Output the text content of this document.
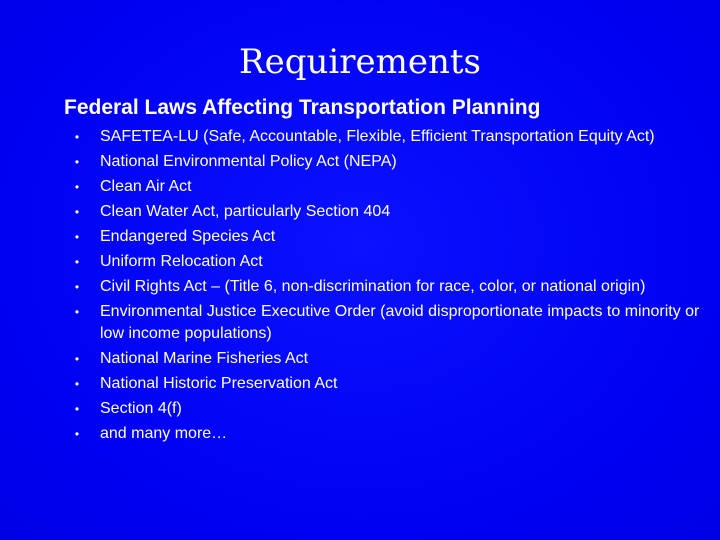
Requirements
Federal Laws Affecting Transportation Planning
• SAFETEA-LU (Safe, Accountable, Flexible, Efficient Transportation Equity Act)
• National Environmental Policy Act (NEPA)
• Clean Air Act
• Clean Water Act, particularly Section 404
• Endangered Species Act
• Uniform Relocation Act
• Civil Rights Act – (Title 6, non-discrimination for race, color, or national origin)
• Environmental Justice Executive Order (avoid disproportionate impacts to minority or low income populations)
• National Marine Fisheries Act
• National Historic Preservation Act
• Section 4(f)
• and many more…
